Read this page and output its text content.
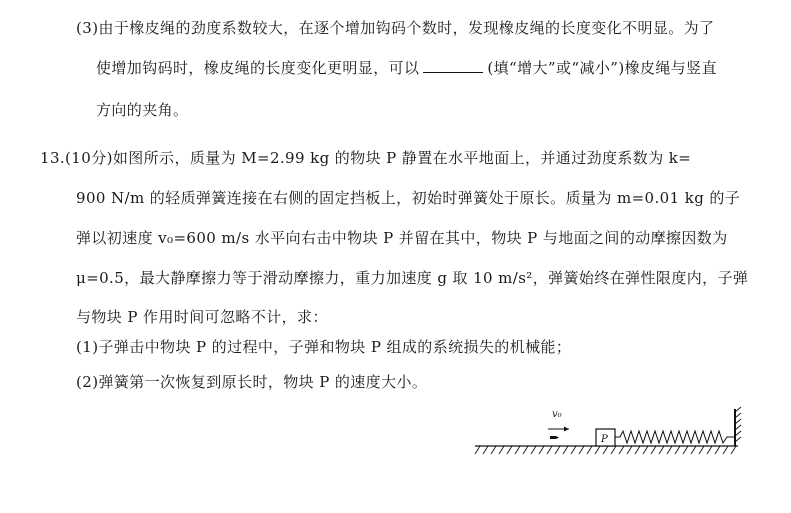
(3)由于橡皮绳的劲度系数较大，在逐个增加钩码个数时，发现橡皮绳的长度变化不明显。为了
使增加钩码时，橡皮绳的长度变化更明显，可以	(填“增大”或“减小”)橡皮绳与竖直
方向的夹角。
13.(10分)如图所示，质量为 M=2.99 kg 的物块 P 静置在水平地面上，并通过劲度系数为 k=
900 N/m 的轻质弹簧连接在右侧的固定挡板上，初始时弹簧处于原长。质量为 m=0.01 kg 的子
弹以初速度 v₀=600 m/s 水平向右击中物块 P 并留在其中，物块 P 与地面之间的动摩擦因数为
μ=0.5，最大静摩擦力等于滑动摩擦力，重力加速度 g 取 10 m/s²，弹簧始终在弹性限度内，子弹
与物块 P 作用时间可忽略不计，求：
(1)子弹击中物块 P 的过程中，子弹和物块 P 组成的系统损失的机械能；
(2)弹簧第一次恢复到原长时，物块 P 的速度大小。
P
v₀
